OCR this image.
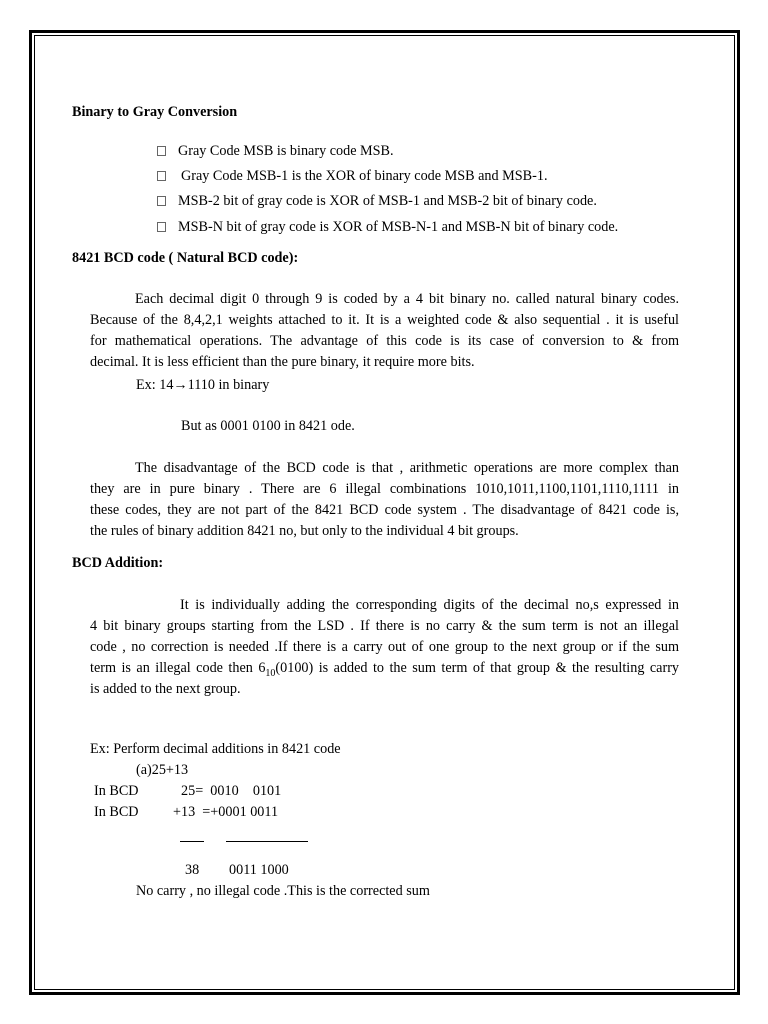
Binary to Gray Conversion
Gray Code MSB is binary code MSB.
Gray Code MSB-1 is the XOR of binary code MSB and MSB-1.
MSB-2 bit of gray code is XOR of MSB-1 and MSB-2 bit of binary code.
MSB-N bit of gray code is XOR of MSB-N-1 and MSB-N bit of binary code.
8421 BCD code ( Natural BCD code):
Each decimal digit 0 through 9 is coded by a 4 bit binary no. called natural binary codes.
Because of the 8,4,2,1 weights attached to it. It is a weighted code & also sequential . it is useful
for mathematical operations. The advantage of this code is its case of conversion to & from
decimal. It is less efficient than the pure binary, it require more bits.
Ex: 14→1110 in binary
But as 0001 0100 in 8421 ode.
The disadvantage of the BCD code is that , arithmetic operations are more complex than
they are in pure binary . There are 6 illegal combinations 1010,1011,1100,1101,1110,1111 in
these codes, they are not part of the 8421 BCD code system . The disadvantage of 8421 code is,
the rules of binary addition 8421 no, but only to the individual 4 bit groups.
BCD Addition:
It is individually adding the corresponding digits of the decimal no,s expressed in
4 bit binary groups starting from the LSD . If there is no carry & the sum term is not an illegal
code , no correction is needed .If there is a carry out of one group to the next group or if the sum
term is an illegal code then $6_{10}(0100)$ is added to the sum term of that group & the resulting carry
is added to the next group.
Ex: Perform decimal additions in 8421 code
(a)25+13
In BCD	25=  0010    0101
In BCD +13  =+0001 0011
38 0011 1000
No carry , no illegal code .This is the corrected sum
